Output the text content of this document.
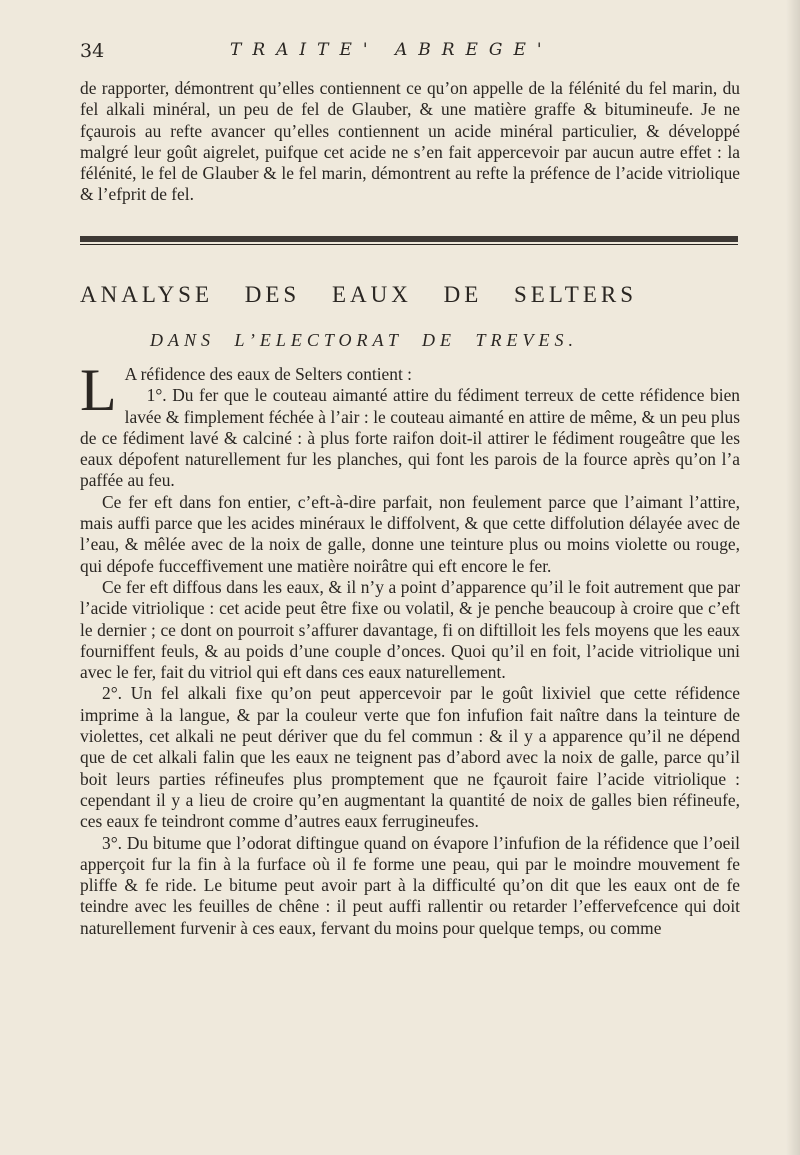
34	TRAITE' ABREGE'

de rapporter, démontrent qu’elles contiennent ce qu’on appelle de la félénité du fel marin, du fel alkali minéral, un peu de fel de Glauber, & une matière graffe & bitumineufe. Je ne fçaurois au refte avancer qu’elles contiennent un acide minéral particulier, & développé malgré leur goût aigrelet, puifque cet acide ne s’en fait appercevoir par aucun autre effet : la félénité, le fel de Glauber & le fel marin, démontrent au refte la préfence de l’acide vitriolique & l’efprit de fel.

ANALYSE DES EAUX DE SELTERS
DANS L’ELECTORAT DE TREVES.

L A réfidence des eaux de Selters contient :

1°. Du fer que le couteau aimanté attire du fédiment terreux de cette réfidence bien lavée & fimplement féchée à l’air : le couteau aimanté en attire de même, & un peu plus de ce fédiment lavé & calciné : à plus forte raifon doit-il attirer le fédiment rougeâtre que les eaux dépofent naturellement fur les planches, qui font les parois de la fource après qu’on l’a paffée au feu.

Ce fer eft dans fon entier, c’eft-à-dire parfait, non feulement parce que l’aimant l’attire, mais auffi parce que les acides minéraux le diffolvent, & que cette diffolution délayée avec de l’eau, & mêlée avec de la noix de galle, donne une teinture plus ou moins violette ou rouge, qui dépofe fucceffivement une matière noirâtre qui eft encore le fer.

Ce fer eft diffous dans les eaux, & il n’y a point d’apparence qu’il le foit autrement que par l’acide vitriolique : cet acide peut être fixe ou volatil, & je penche beaucoup à croire que c’eft le dernier ; ce dont on pourroit s’affurer davantage, fi on diftilloit les fels moyens que les eaux fourniffent feuls, & au poids d’une couple d’onces. Quoi qu’il en foit, l’acide vitriolique uni avec le fer, fait du vitriol qui eft dans ces eaux naturellement.

2°. Un fel alkali fixe qu’on peut appercevoir par le goût lixiviel que cette réfidence imprime à la langue, & par la couleur verte que fon infufion fait naître dans la teinture de violettes, cet alkali ne peut dériver que du fel commun : & il y a apparence qu’il ne dépend que de cet alkali falin que les eaux ne teignent pas d’abord avec la noix de galle, parce qu’il boit leurs parties réfineufes plus promptement que ne fçauroit faire l’acide vitriolique : cependant il y a lieu de croire qu’en augmentant la quantité de noix de galles bien réfineufe, ces eaux fe teindront comme d’autres eaux ferrugineufes.

3°. Du bitume que l’odorat diftingue quand on évapore l’infufion de la réfidence que l’oeil apperçoit fur la fin à la furface où il fe forme une peau, qui par le moindre mouvement fe pliffe & fe ride. Le bitume peut avoir part à la difficulté qu’on dit que les eaux ont de fe teindre avec les feuilles de chêne : il peut auffi rallentir ou retarder l’effervefcence qui doit naturellement furvenir à ces eaux, fervant du moins pour quelque temps, ou comme
